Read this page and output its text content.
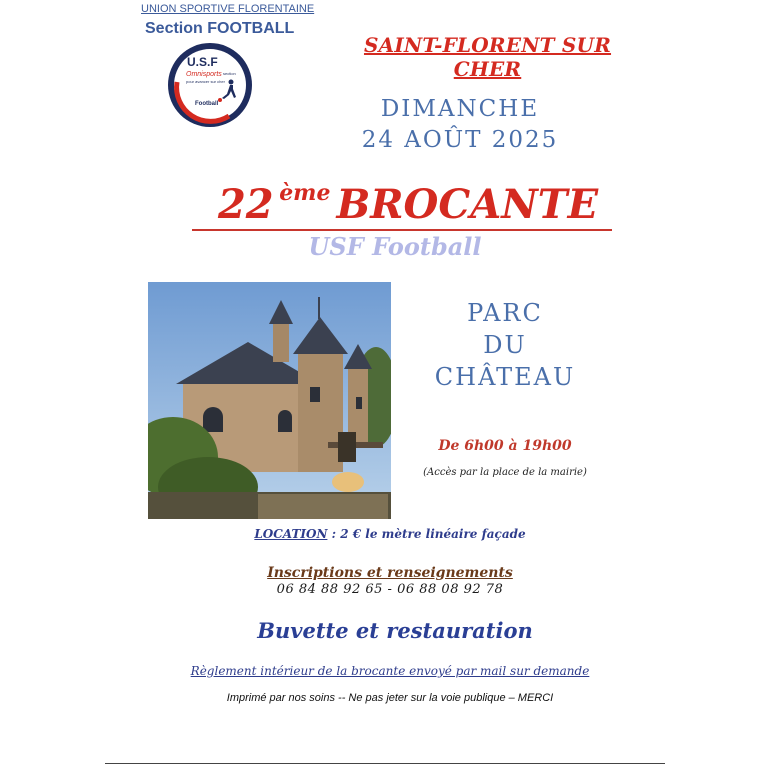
UNION SPORTIVE FLORENTAINE
Section FOOTBALL
U.S.F
Omnisports
pour avancer sur cher
section
Football
SAINT-FLORENT SUR CHER
DIMANCHE
24 AOÛT 2025
22 ème BROCANTE
USF Football
PARC
DU
CHÂTEAU
De 6h00 à 19h00
(Accès par la place de la mairie)
LOCATION : 2 € le mètre linéaire façade
Inscriptions et renseignements
06 84 88 92 65 - 06 88 08 92 78
Buvette et restauration
Règlement intérieur de la brocante envoyé par mail sur demande
Imprimé par nos soins -- Ne pas jeter sur la voie publique – MERCI
